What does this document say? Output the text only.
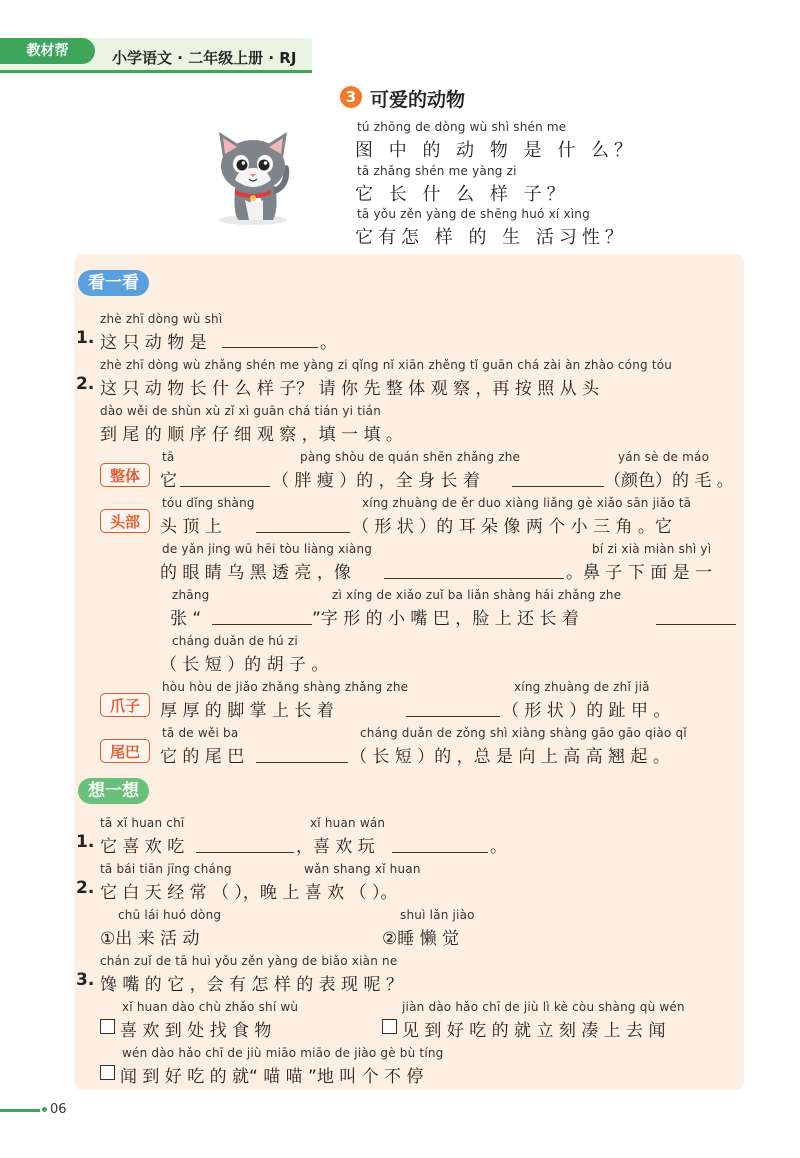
教材帮	小学语文 · 二年级上册 · RJ
3 可爱的动物
tú zhōng de dòng wù shì shén me
图 中 的 动 物 是 什 么？
tā zhǎng shén me yàng zi
它 长 什 么 样 子？
tā yǒu zěn yàng de shēng huó xí xìng
它有怎 样 的 生 活习性？
看一看
zhè zhī dòng wù shì
1. 这 只 动 物 是	。
zhè zhī dòng wù zhǎng shén me yàng zi qǐng nǐ xiān zhěng tǐ guān chá zài àn zhào cóng tóu
2. 这 只 动 物 长 什 么 样 子？ 请 你 先 整 体 观 察 ，再 按 照 从 头
dào wěi de shùn xù zǐ xì guān chá tián yi tián
到 尾 的 顺 序 仔 细 观 察 ，填 一 填 。
tā	pàng shòu de quán shēn zhǎng zhe	yán sè de máo
整体	它	（ 胖 瘦 ）的 ，全 身 长 着	（颜色）的 毛 。
tóu dǐng shàng	xíng zhuàng de ěr duo xiàng liǎng gè xiǎo sān jiǎo tā
头部	头 顶 上	（ 形 状 ）的 耳 朵 像 两 个 小 三 角 。它
de yǎn jing wū hēi tòu liàng xiàng	bí zi xià miàn shì yì
的 眼 睛 乌 黑 透 亮 ，像	。鼻 子 下 面 是 一
zhāng	zì xíng de xiǎo zuǐ ba liǎn shàng hái zhǎng zhe
张 “	”字 形 的 小 嘴 巴 ，脸 上 还 长 着
cháng duǎn de hú zi
（ 长 短 ）的 胡 子 。
hòu hòu de jiǎo zhǎng shàng zhǎng zhe	xíng zhuàng de zhǐ jiǎ
爪子	厚 厚 的 脚 掌 上 长 着	（ 形 状 ）的 趾 甲 。
tā de wěi ba	cháng duǎn de zǒng shì xiàng shàng gāo gāo qiào qǐ
尾巴	它 的 尾 巴	（ 长 短 ）的 ，总 是 向 上 高 高 翘 起 。
想一想
tā xǐ huan chī	xǐ huan wán
1. 它 喜 欢 吃	，喜 欢 玩	。
tā bái tiān jīng cháng	wǎn shang xǐ huan
2. 它 白 天 经 常 （ ），晚 上 喜 欢 （ ）。
chū lái huó dòng
①出 来 活 动
shuì lǎn jiào
②睡 懒 觉
chán zuǐ de tā huì yǒu zěn yàng de biǎo xiàn ne
3. 馋 嘴 的 它 ，会 有 怎 样 的 表 现 呢 ？
xǐ huan dào chù zhǎo shí wù
喜 欢 到 处 找 食 物
jiàn dào hǎo chī de jiù lì kè còu shàng qù wén
见 到 好 吃 的 就 立 刻 凑 上 去 闻
wén dào hǎo chī de jiù miāo miāo de jiào gè bù tíng
闻 到 好 吃 的 就“ 喵 喵 ”地 叫 个 不 停
06
